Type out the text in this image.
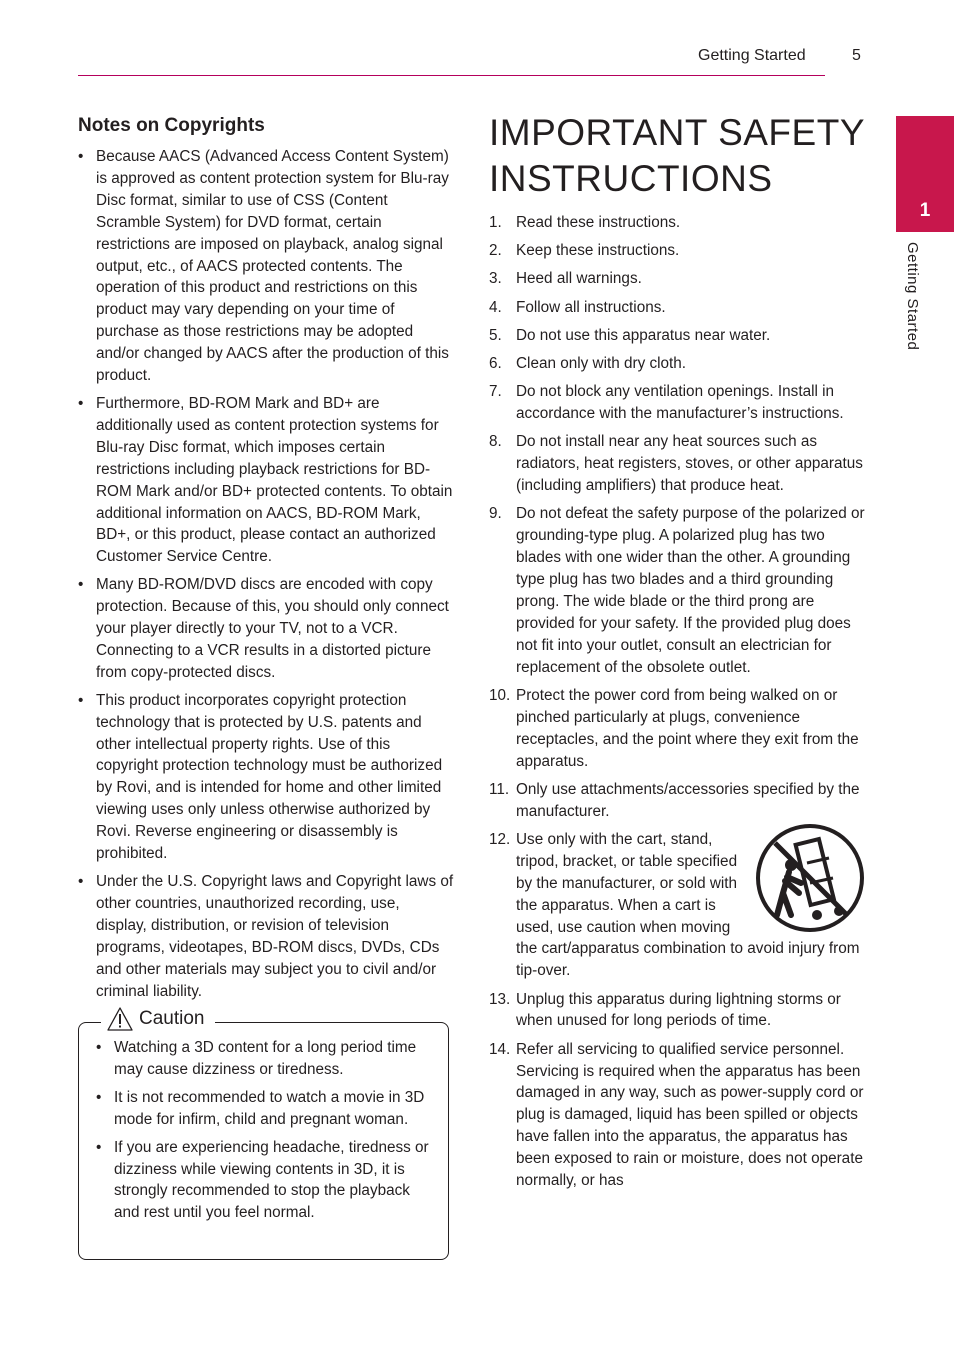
Getting Started	5
1
Getting Started
Notes on Copyrights
• Because AACS (Advanced Access Content System) is approved as content protection system for Blu-ray Disc format, similar to use of CSS (Content Scramble System) for DVD format, certain restrictions are imposed on playback, analog signal output, etc., of AACS protected contents. The operation of this product and restrictions on this product may vary depending on your time of purchase as those restrictions may be adopted and/or changed by AACS after the production of this product.
• Furthermore, BD-ROM Mark and BD+ are additionally used as content protection systems for Blu-ray Disc format, which imposes certain restrictions including playback restrictions for BD-ROM Mark and/or BD+ protected contents. To obtain additional information on AACS, BD-ROM Mark, BD+, or this product, please contact an authorized Customer Service Centre.
• Many BD-ROM/DVD discs are encoded with copy protection. Because of this, you should only connect your player directly to your TV, not to a VCR. Connecting to a VCR results in a distorted picture from copy-protected discs.
• This product incorporates copyright protection technology that is protected by U.S. patents and other intellectual property rights. Use of this copyright protection technology must be authorized by Rovi, and is intended for home and other limited viewing uses only unless otherwise authorized by Rovi. Reverse engineering or disassembly is prohibited.
• Under the U.S. Copyright laws and Copyright laws of other countries, unauthorized recording, use, display, distribution, or revision of television programs, videotapes, BD-ROM discs, DVDs, CDs and other materials may subject you to civil and/or criminal liability.
Caution
• Watching a 3D content for a long period time may cause dizziness or tiredness.
• It is not recommended to watch a movie in 3D mode for infirm, child and pregnant woman.
• If you are experiencing headache, tiredness or dizziness while viewing contents in 3D, it is strongly recommended to stop the playback and rest until you feel normal.
IMPORTANT SAFETY INSTRUCTIONS
1. Read these instructions.
2. Keep these instructions.
3. Heed all warnings.
4. Follow all instructions.
5. Do not use this apparatus near water.
6. Clean only with dry cloth.
7. Do not block any ventilation openings. Install in accordance with the manufacturer’s instructions.
8. Do not install near any heat sources such as radiators, heat registers, stoves, or other apparatus (including amplifiers) that produce heat.
9. Do not defeat the safety purpose of the polarized or grounding-type plug. A polarized plug has two blades with one wider than the other. A grounding type plug has two blades and a third grounding prong. The wide blade or the third prong are provided for your safety. If the provided plug does not fit into your outlet, consult an electrician for replacement of the obsolete outlet.
10. Protect the power cord from being walked on or pinched particularly at plugs, convenience receptacles, and the point where they exit from the apparatus.
11. Only use attachments/accessories specified by the manufacturer.
12. Use only with the cart, stand, tripod, bracket, or table specified by the manufacturer, or sold with the apparatus. When a cart is used, use caution when moving the cart/apparatus combination to avoid injury from tip-over.
13. Unplug this apparatus during lightning storms or when unused for long periods of time.
14. Refer all servicing to qualified service personnel. Servicing is required when the apparatus has been damaged in any way, such as power-supply cord or plug is damaged, liquid has been spilled or objects have fallen into the apparatus, the apparatus has been exposed to rain or moisture, does not operate normally, or has
